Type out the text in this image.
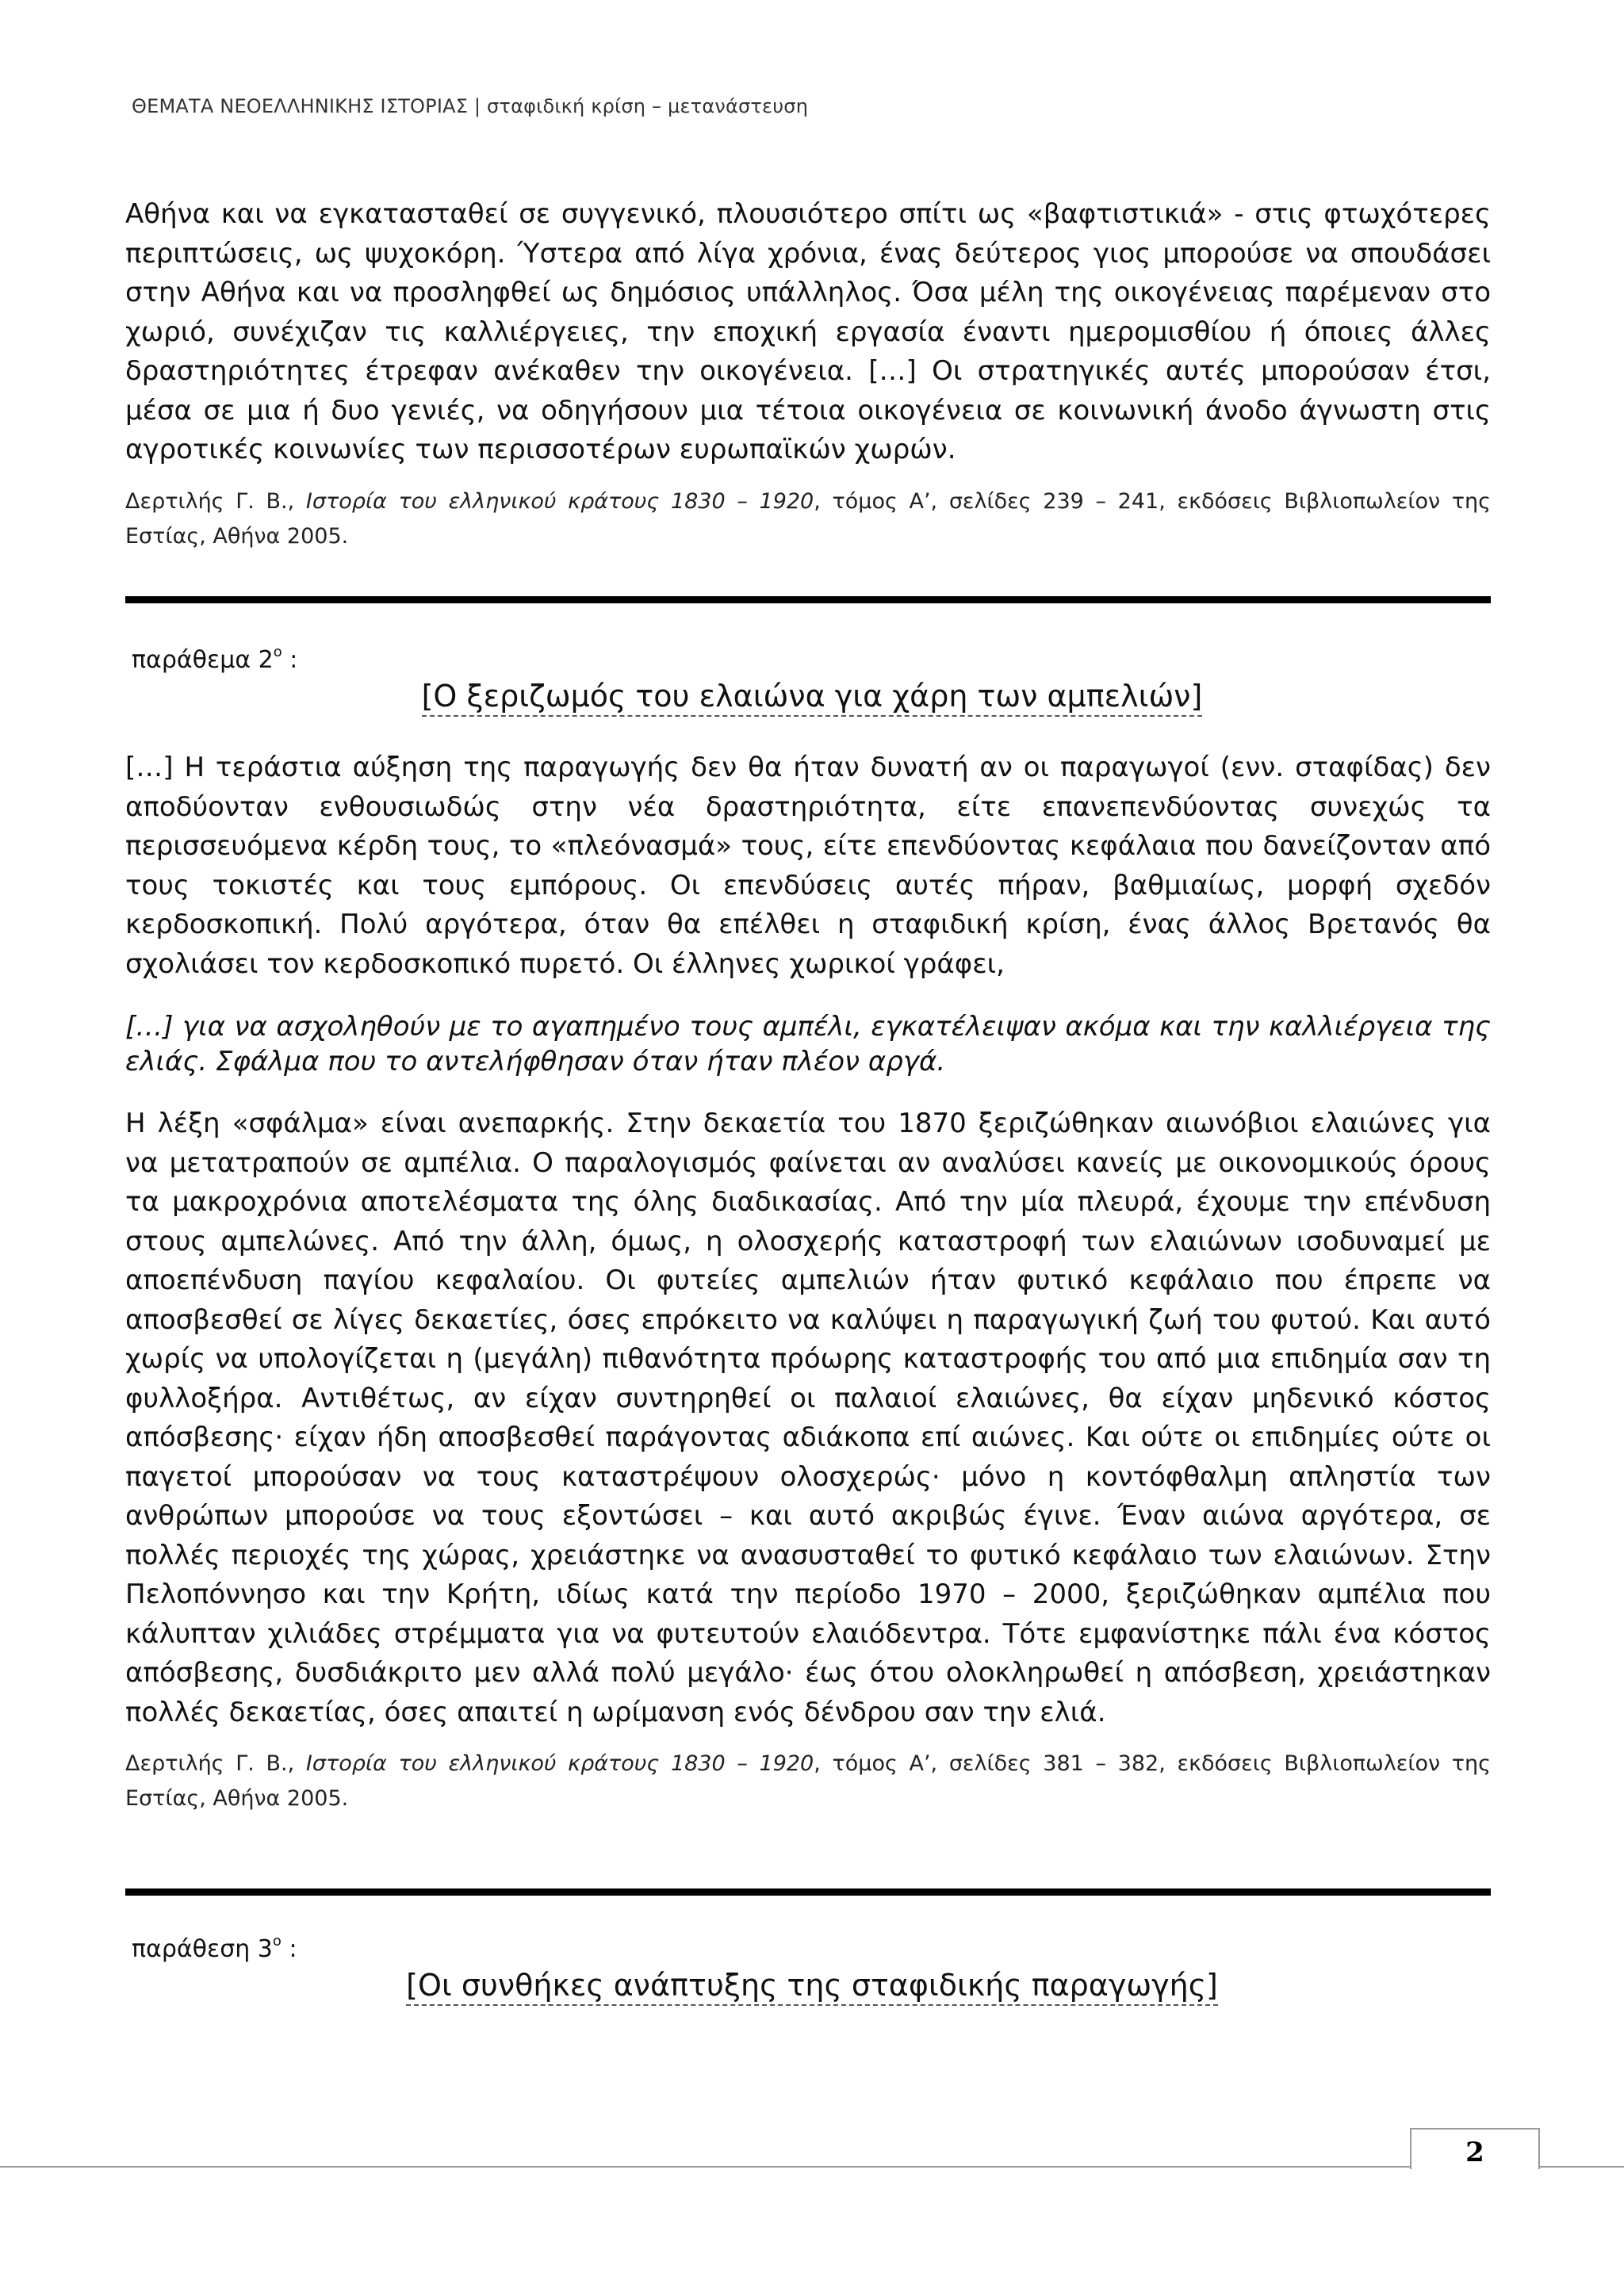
ΘΕΜΑΤΑ ΝΕΟΕΛΛΗΝΙΚΗΣ ΙΣΤΟΡΙΑΣ | σταφιδική κρίση – μετανάστευση

Αθήνα και να εγκατασταθεί σε συγγενικό, πλουσιότερο σπίτι ως «βαφτιστικιά» - στις φτωχότερες περιπτώσεις, ως ψυχοκόρη. Ύστερα από λίγα χρόνια, ένας δεύτερος γιος μπορούσε να σπουδάσει στην Αθήνα και να προσληφθεί ως δημόσιος υπάλληλος. Όσα μέλη της οικογένειας παρέμεναν στο χωριό, συνέχιζαν τις καλλιέργειες, την εποχική εργασία έναντι ημερομισθίου ή όποιες άλλες δραστηριότητες έτρεφαν ανέκαθεν την οικογένεια. […] Οι στρατηγικές αυτές μπορούσαν έτσι, μέσα σε μια ή δυο γενιές, να οδηγήσουν μια τέτοια οικογένεια σε κοινωνική άνοδο άγνωστη στις αγροτικές κοινωνίες των περισσοτέρων ευρωπαϊκών χωρών.

Δερτιλής Γ. Β., Ιστορία του ελληνικού κράτους 1830 – 1920, τόμος Α’, σελίδες 239 – 241, εκδόσεις Βιβλιοπωλείον της Εστίας, Αθήνα 2005.

παράθεμα $2^o$ :
[Ο ξεριζωμός του ελαιώνα για χάρη των αμπελιών]

[…] Η τεράστια αύξηση της παραγωγής δεν θα ήταν δυνατή αν οι παραγωγοί (ενν. σταφίδας) δεν αποδύονταν ενθουσιωδώς στην νέα δραστηριότητα, είτε επανεπενδύοντας συνεχώς τα περισσευόμενα κέρδη τους, το «πλεόνασμά» τους, είτε επενδύοντας κεφάλαια που δανείζονταν από τους τοκιστές και τους εμπόρους. Οι επενδύσεις αυτές πήραν, βαθμιαίως, μορφή σχεδόν κερδοσκοπική. Πολύ αργότερα, όταν θα επέλθει η σταφιδική κρίση, ένας άλλος Βρετανός θα σχολιάσει τον κερδοσκοπικό πυρετό. Οι έλληνες χωρικοί γράφει,

[…] για να ασχοληθούν με το αγαπημένο τους αμπέλι, εγκατέλειψαν ακόμα και την καλλιέργεια της ελιάς. Σφάλμα που το αντελήφθησαν όταν ήταν πλέον αργά.

Η λέξη «σφάλμα» είναι ανεπαρκής. Στην δεκαετία του 1870 ξεριζώθηκαν αιωνόβιοι ελαιώνες για να μετατραπούν σε αμπέλια. Ο παραλογισμός φαίνεται αν αναλύσει κανείς με οικονομικούς όρους τα μακροχρόνια αποτελέσματα της όλης διαδικασίας. Από την μία πλευρά, έχουμε την επένδυση στους αμπελώνες. Από την άλλη, όμως, η ολοσχερής καταστροφή των ελαιώνων ισοδυναμεί με αποεπένδυση παγίου κεφαλαίου. Οι φυτείες αμπελιών ήταν φυτικό κεφάλαιο που έπρεπε να αποσβεσθεί σε λίγες δεκαετίες, όσες επρόκειτο να καλύψει η παραγωγική ζωή του φυτού. Και αυτό χωρίς να υπολογίζεται η (μεγάλη) πιθανότητα πρόωρης καταστροφής του από μια επιδημία σαν τη φυλλοξήρα. Αντιθέτως, αν είχαν συντηρηθεί οι παλαιοί ελαιώνες, θα είχαν μηδενικό κόστος απόσβεσης· είχαν ήδη αποσβεσθεί παράγοντας αδιάκοπα επί αιώνες. Και ούτε οι επιδημίες ούτε οι παγετοί μπορούσαν να τους καταστρέψουν ολοσχερώς· μόνο η κοντόφθαλμη απληστία των ανθρώπων μπορούσε να τους εξοντώσει – και αυτό ακριβώς έγινε. Έναν αιώνα αργότερα, σε πολλές περιοχές της χώρας, χρειάστηκε να ανασυσταθεί το φυτικό κεφάλαιο των ελαιώνων. Στην Πελοπόννησο και την Κρήτη, ιδίως κατά την περίοδο 1970 – 2000, ξεριζώθηκαν αμπέλια που κάλυπταν χιλιάδες στρέμματα για να φυτευτούν ελαιόδεντρα. Τότε εμφανίστηκε πάλι ένα κόστος απόσβεσης, δυσδιάκριτο μεν αλλά πολύ μεγάλο· έως ότου ολοκληρωθεί η απόσβεση, χρειάστηκαν πολλές δεκαετίας, όσες απαιτεί η ωρίμανση ενός δένδρου σαν την ελιά.

Δερτιλής Γ. Β., Ιστορία του ελληνικού κράτους 1830 – 1920, τόμος Α’, σελίδες 381 – 382, εκδόσεις Βιβλιοπωλείον της Εστίας, Αθήνα 2005.

παράθεση $3^o$ :
[Οι συνθήκες ανάπτυξης της σταφιδικής παραγωγής]
2
